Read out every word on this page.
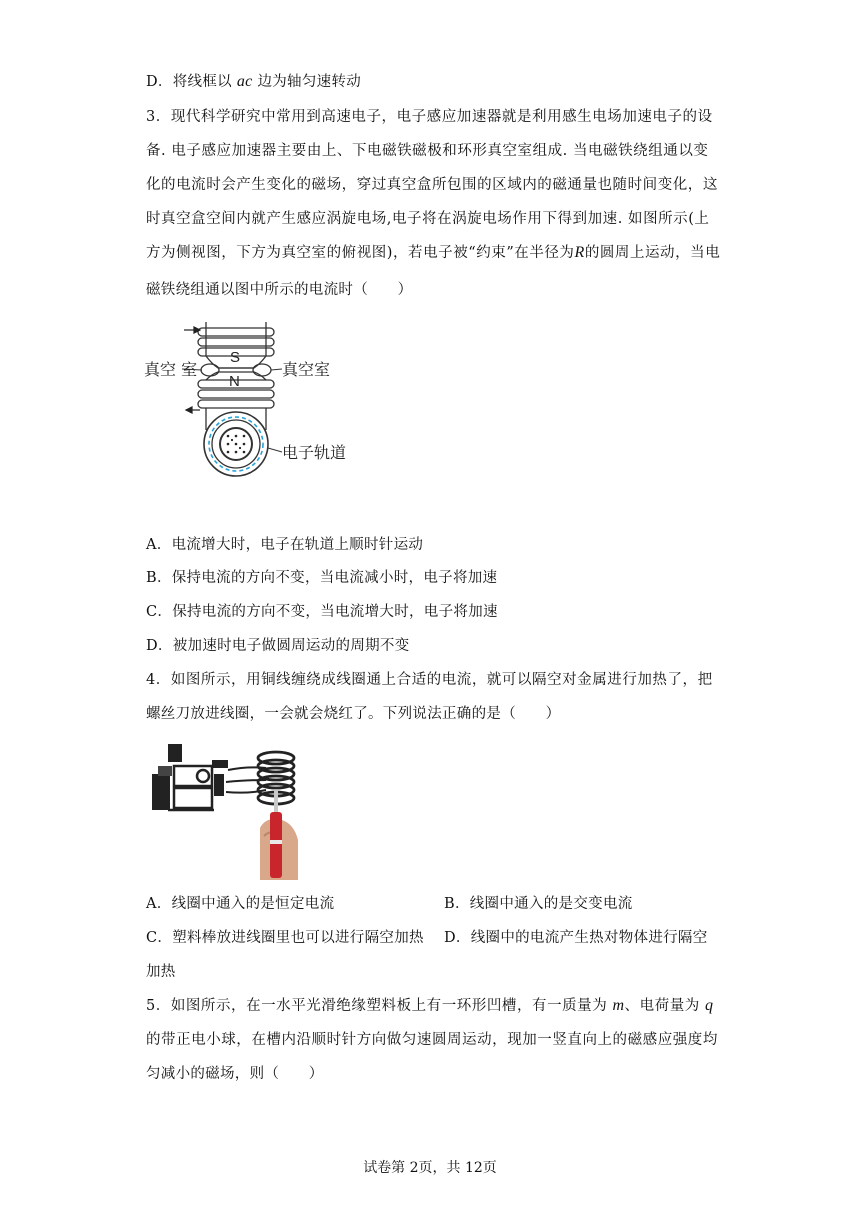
D．将线框以 ac 边为轴匀速转动
3．现代科学研究中常用到高速电子，电子感应加速器就是利用感生电场加速电子的设
备. 电子感应加速器主要由上、下电磁铁磁极和环形真空室组成. 当电磁铁绕组通以变
化的电流时会产生变化的磁场，穿过真空盒所包围的区域内的磁通量也随时间变化，这
时真空盒空间内就产生感应涡旋电场,电子将在涡旋电场作用下得到加速. 如图所示(上
方为侧视图，下方为真空室的俯视图)，若电子被“约束”在半径为R的圆周上运动，当电
磁铁绕组通以图中所示的电流时（　　）
S
N
真空 室	真空室
电子轨道
A．电流增大时，电子在轨道上顺时针运动
B．保持电流的方向不变，当电流减小时，电子将加速
C．保持电流的方向不变，当电流增大时，电子将加速
D．被加速时电子做圆周运动的周期不变
4．如图所示，用铜线缠绕成线圈通上合适的电流，就可以隔空对金属进行加热了，把
螺丝刀放进线圈，一会就会烧红了。下列说法正确的是（　　）
A．线圈中通入的是恒定电流	B．线圈中通入的是交变电流
C．塑料棒放进线圈里也可以进行隔空加热 D．线圈中的电流产生热对物体进行隔空
加热
5．如图所示，在一水平光滑绝缘塑料板上有一环形凹槽，有一质量为 m、电荷量为 q
的带正电小球，在槽内沿顺时针方向做匀速圆周运动，现加一竖直向上的磁感应强度均
匀减小的磁场，则（　　）
试卷第 2页，共 12页
